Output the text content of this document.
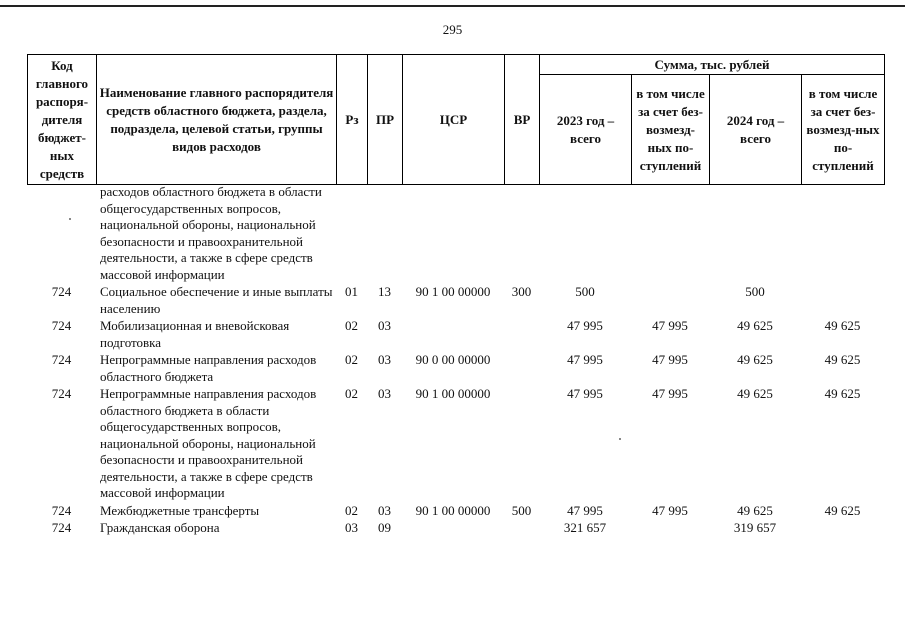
295
Код главного распоря-дителя бюджет-ных средств	Наименование главного распорядителя средств областного бюджета, раздела, подраздела, целевой статьи, группы видов расходов	Рз	ПР	ЦСР	ВР	Сумма, тыс. рублей			
						2023 год – всего	в том числе за счет без-возмезд-ных по-ступлений	2024 год – всего	в том числе за счет без-возмезд-ных по-ступлений
	расходов областного бюджета в области общегосударственных вопросов, национальной обороны, национальной безопасности и правоохранительной деятельности, а также в сфере средств массовой информации								
724	Социальное обеспечение и иные выплаты населению	01	13	90 1 00 00000	300	500		500	
724	Мобилизационная и вневойсковая подготовка	02	03			47 995	47 995	49 625	49 625
724	Непрограммные направления расходов областного бюджета	02	03	90 0 00 00000		47 995	47 995	49 625	49 625
724	Непрограммные направления расходов областного бюджета в области общегосударственных вопросов, национальной обороны, национальной безопасности и правоохранительной деятельности, а также в сфере средств массовой информации	02	03	90 1 00 00000		47 995	47 995	49 625	49 625
724	Межбюджетные трансферты	02	03	90 1 00 00000	500	47 995	47 995	49 625	49 625
724	Гражданская оборона	03	09			321 657		319 657	
